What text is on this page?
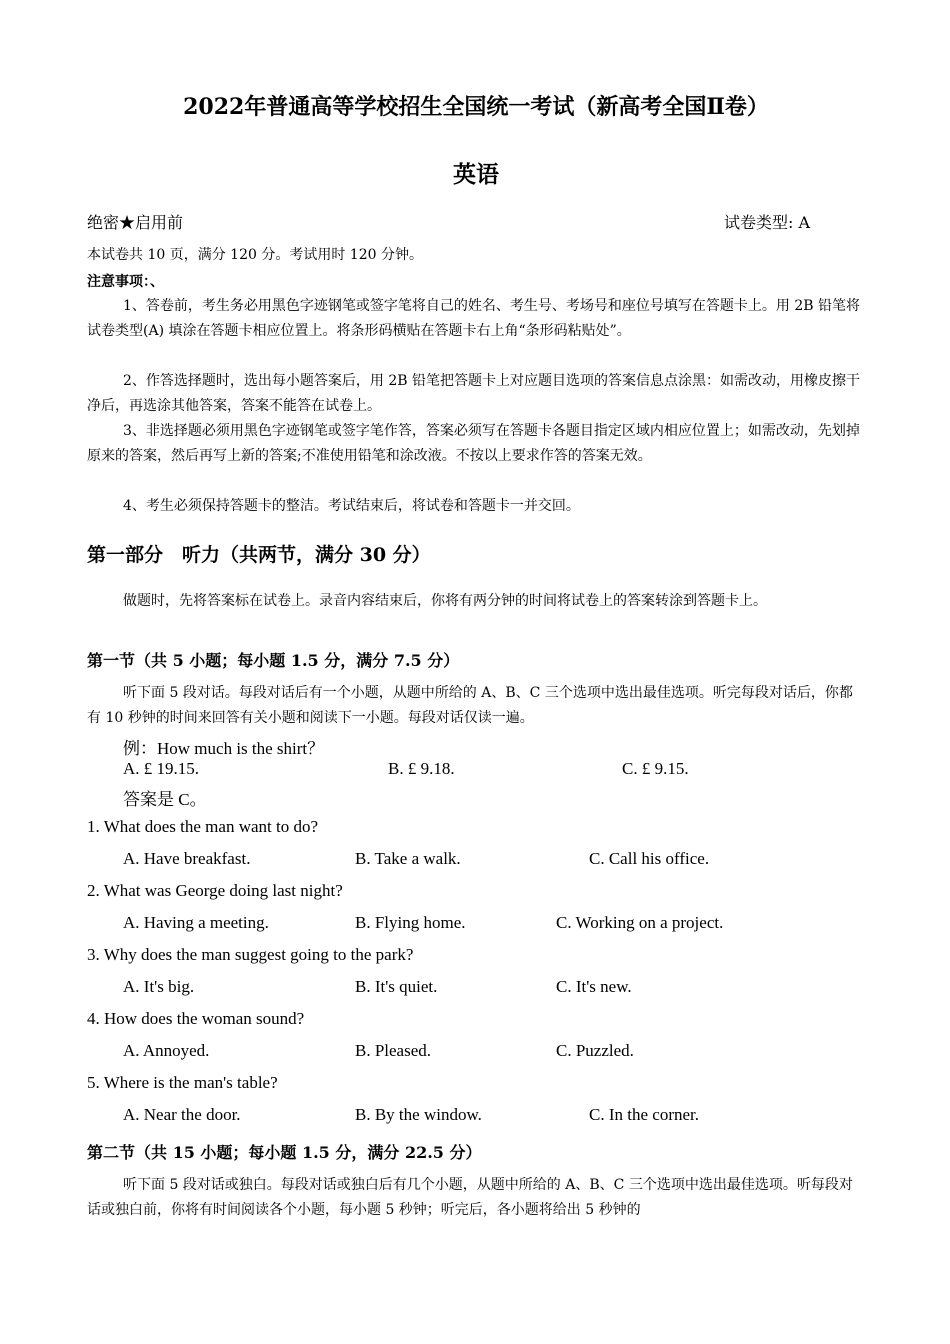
2022年普通高等学校招生全国统一考试（新高考全国Ⅱ卷）
英语
绝密★启用前	试卷类型: A
本试卷共 10 页，满分 120 分。考试用时 120 分钟。
注意事项：、
1、答卷前，考生务必用黑色字迹钢笔或签字笔将自己的姓名、考生号、考场号和座位号填写在答题卡上。用 2B 铅笔将试卷类型(A) 填涂在答题卡相应位置上。将条形码横贴在答题卡右上角“条形码粘贴处”。
2、作答选择题时，选出每小题答案后，用 2B 铅笔把答题卡上对应题目选项的答案信息点涂黑：如需改动，用橡皮擦干净后，再选涂其他答案，答案不能答在试卷上。
3、非选择题必须用黑色字迹钢笔或签字笔作答，答案必须写在答题卡各题目指定区域内相应位置上；如需改动，先划掉原来的答案，然后再写上新的答案;不准使用铅笔和涂改液。不按以上要求作答的答案无效。
4、考生必须保持答题卡的整洁。考试结束后，将试卷和答题卡一并交回。
第一部分　听力（共两节，满分 30 分）
做题时，先将答案标在试卷上。录音内容结束后，你将有两分钟的时间将试卷上的答案转涂到答题卡上。
第一节（共 5 小题；每小题 1.5 分，满分 7.5 分）
听下面 5 段对话。每段对话后有一个小题，从题中所给的 A、B、C 三个选项中选出最佳选项。听完每段对话后，你都有 10 秒钟的时间来回答有关小题和阅读下一小题。每段对话仅读一遍。
例：How much is the shirt？
A. £ 19.15.	B. £ 9.18.	C. £ 9.15.
答案是 C。
1. What does the man want to do?
A. Have breakfast.	B. Take a walk.	C. Call his office.
2. What was George doing last night?
A. Having a meeting.	B. Flying home.	C. Working on a project.
3. Why does the man suggest going to the park?
A. It's big.	B. It's quiet.	C. It's new.
4. How does the woman sound?
A. Annoyed.	B. Pleased.	C. Puzzled.
5. Where is the man's table?
A. Near the door.	B. By the window.	C. In the corner.
第二节（共 15 小题；每小题 1.5 分，满分 22.5 分）
听下面 5 段对话或独白。每段对话或独白后有几个小题，从题中所给的 A、B、C 三个选项中选出最佳选项。听每段对话或独白前，你将有时间阅读各个小题，每小题 5 秒钟；听完后，各小题将给出 5 秒钟的
